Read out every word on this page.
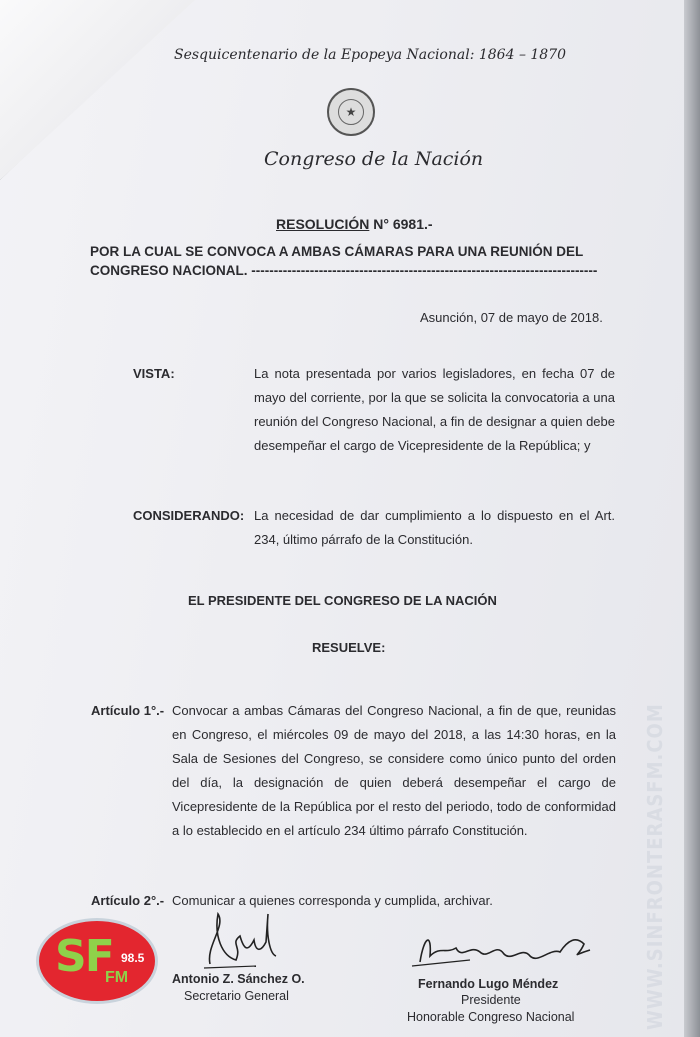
Sesquicentenario de la Epopeya Nacional: 1864 – 1870
★
Congreso de la Nación
RESOLUCIÓN N° 6981.-
POR LA CUAL SE CONVOCA A AMBAS CÁMARAS PARA UNA REUNIÓN DEL
CONGRESO NACIONAL. -----------------------------------------------------------------------------
Asunción, 07 de mayo de 2018.
VISTA:	La nota presentada por varios legisladores, en fecha 07 de mayo del corriente, por la que se solicita la convocatoria a una reunión del Congreso Nacional, a fin de designar a quien debe desempeñar el cargo de Vicepresidente de la República; y
CONSIDERANDO: La necesidad de dar cumplimiento a lo dispuesto en el Art. 234, último párrafo de la Constitución.
EL PRESIDENTE DEL CONGRESO DE LA NACIÓN
RESUELVE:
Artículo 1°.- Convocar a ambas Cámaras del Congreso Nacional, a fin de que, reunidas en Congreso, el miércoles 09 de mayo del 2018, a las 14:30 horas, en la Sala de Sesiones del Congreso, se considere como único punto del orden del día, la designación de quien deberá desempeñar el cargo de Vicepresidente de la República por el resto del periodo, todo de conformidad a lo establecido en el artículo 234 último párrafo Constitución.
Artículo 2°.- Comunicar a quienes corresponda y cumplida, archivar.
Antonio Z. Sánchez O.
Secretario General
Fernando Lugo Méndez
Presidente
Honorable Congreso Nacional
SF 98.5
FM	WWW.SINFRONTERASFM.COM
